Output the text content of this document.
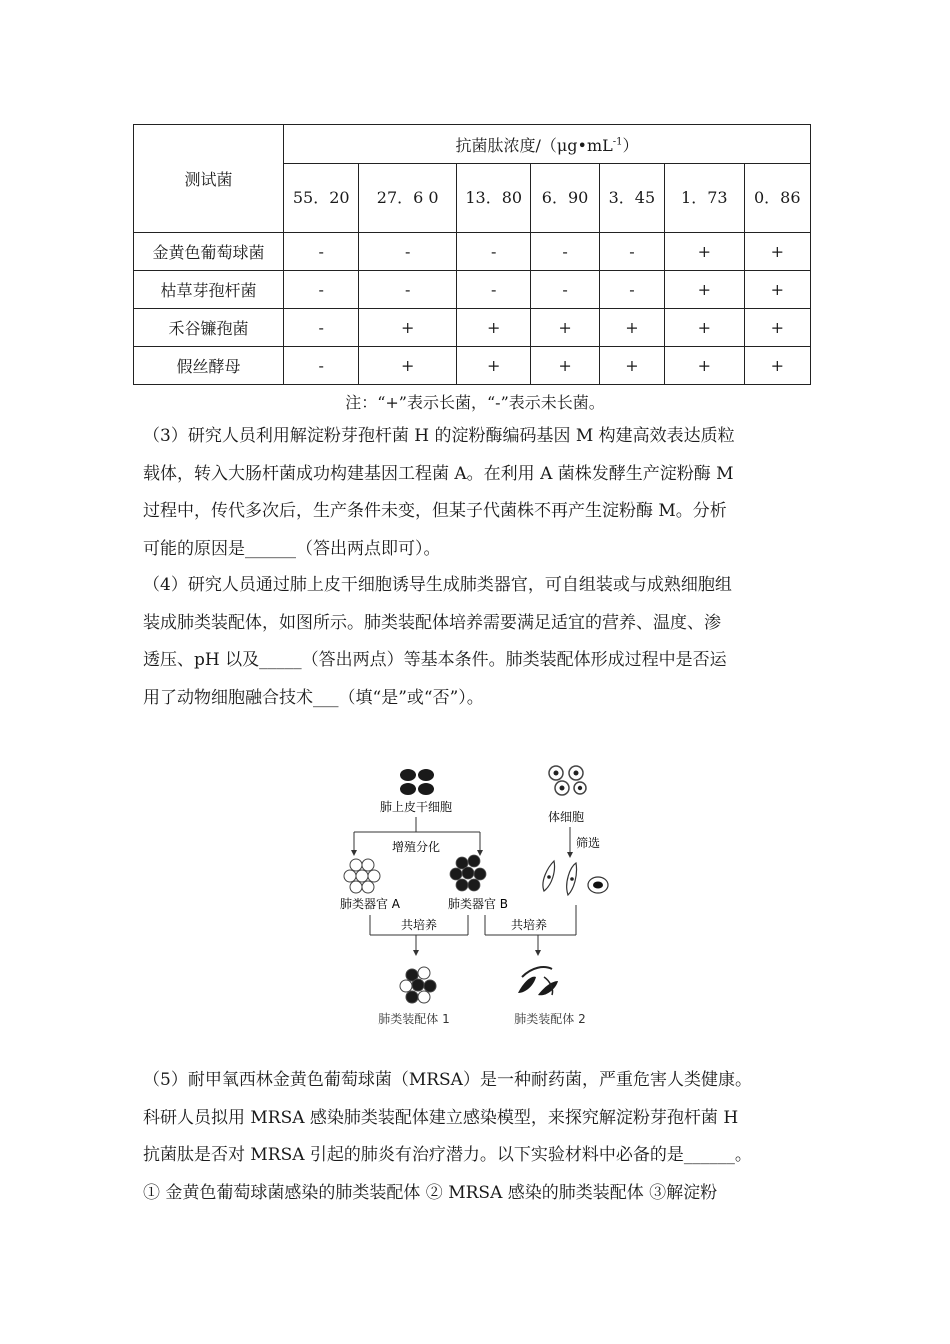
测试菌	抗菌肽浓度$/(\mu g•mL^{-1})$						
	55．20	27．6 0	13．80	6．90	3．45	1．73	0．86
金黄色葡萄球菌	-	-	-	-	-	+	+
枯草芽孢杆菌	-	-	-	-	-	+	+
禾谷镰孢菌	-	+	+	+	+	+	+
假丝酵母	-	+	+	+	+	+	+
注：“+”表示长菌，“-”表示未长菌。
（3）研究人员利用解淀粉芽孢杆菌 H 的淀粉酶编码基因 M 构建高效表达质粒
载体，转入大肠杆菌成功构建基因工程菌 A。在利用 A 菌株发酵生产淀粉酶 M
过程中，传代多次后，生产条件未变，但某子代菌株不再产生淀粉酶 M。分析
可能的原因是______（答出两点即可）。
（4）研究人员通过肺上皮干细胞诱导生成肺类器官，可自组装或与成熟细胞组
装成肺类装配体，如图所示。肺类装配体培养需要满足适宜的营养、温度、渗
透压、pH 以及_____（答出两点）等基本条件。肺类装配体形成过程中是否运
用了动物细胞融合技术___（填“是”或“否”）。
肺上皮干细胞
体细胞
增殖分化	筛选
肺类器官 A	肺类器官 B
共培养	共培养
肺类装配体 1	肺类装配体 2
（5）耐甲氧西林金黄色葡萄球菌（MRSA）是一种耐药菌，严重危害人类健康。
科研人员拟用 MRSA 感染肺类装配体建立感染模型，来探究解淀粉芽孢杆菌 H
抗菌肽是否对 MRSA 引起的肺炎有治疗潜力。以下实验材料中必备的是______。
① 金黄色葡萄球菌感染的肺类装配体 ② MRSA 感染的肺类装配体 ③解淀粉
